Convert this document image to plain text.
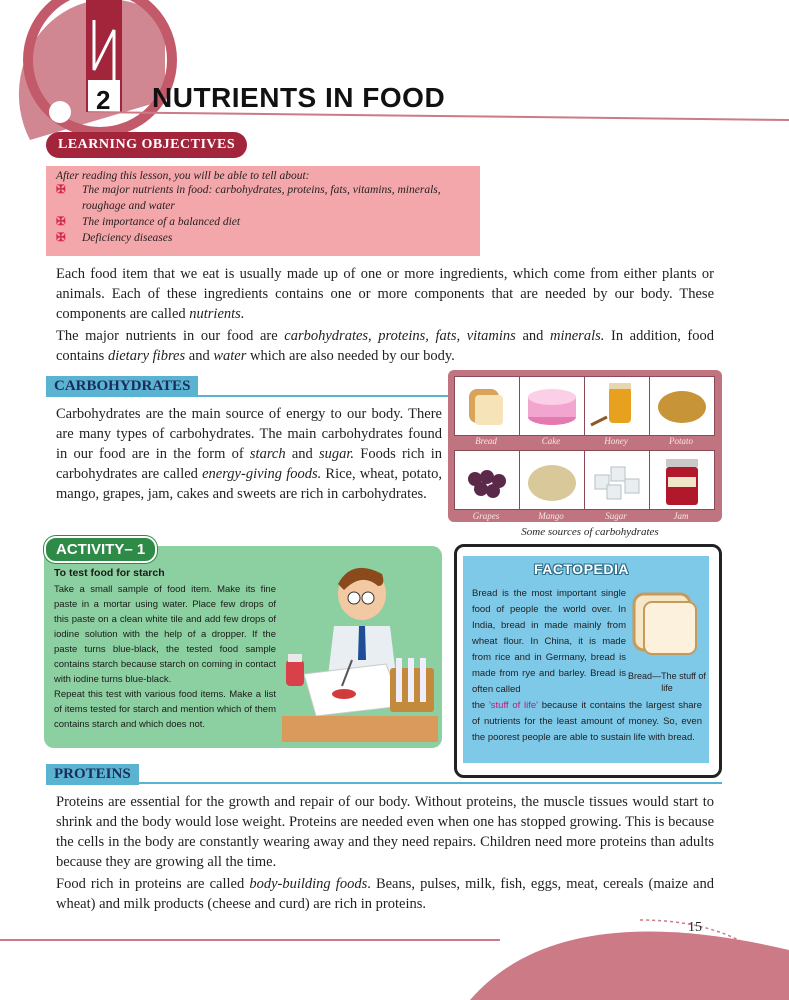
2 NUTRIENTS IN FOOD
LEARNING OBJECTIVES
After reading this lesson, you will be able to tell about:
✠	The major nutrients in food: carbohydrates, proteins, fats, vitamins, minerals,
roughage and water
✠	The importance of a balanced diet
✠	Deficiency diseases
Each food item that we eat is usually made up of one or more ingredients, which come from either plants or animals. Each of these ingredients contains one or more components that are needed by our body. These components are called nutrients.
The major nutrients in our food are carbohydrates, proteins, fats, vitamins and minerals. In addition, food contains dietary fibres and water which are also needed by our body.
CARBOHYDRATES
Carbohydrates are the main source of energy to our body. There are many types of carbohydrates. The main carbohydrates found in our food are in the form of starch and sugar. Foods rich in carbohydrates are called energy-giving foods. Rice, wheat, potato, mango, grapes, jam, cakes and sweets are rich in carbohydrates.
Bread	Cake	Honey	Potato
Grapes	Mango	Sugar	Jam
Some sources of carbohydrates
ACTIVITY– 1
To test food for starch
Take a small sample of food item. Make its fine paste in a mortar using water. Place few drops of this paste on a clean white tile and add few drops of iodine solution with the help of a dropper. If the paste turns blue-black, the tested food sample contains starch because starch on coming in contact with iodine turns blue-black.
Repeat this test with various food items. Make a list of items tested for starch and mention which of them contains starch and which does not.
FACTOPEDIA
Bread is the most important single food of people the world over. In India, bread in made mainly from wheat flour. In China, it is made from rice and in Germany, bread is made from rye and barley. Bread is often called
the 'stuff of life' because it contains the largest share of nutrients for the least amount of money. So, even the poorest people are able to sustain life with bread.
Bread—The stuff of life
PROTEINS
Proteins are essential for the growth and repair of our body. Without proteins, the muscle tissues would start to shrink and the body would lose weight. Proteins are needed even when one has stopped growing. This is because the cells in the body are constantly wearing away and they need repairs. Children need more proteins than adults because they are growing all the time.
Food rich in proteins are called body-building foods. Beans, pulses, milk, fish, eggs, meat, cereals (maize and wheat) and milk products (cheese and curd) are rich in proteins.
15
